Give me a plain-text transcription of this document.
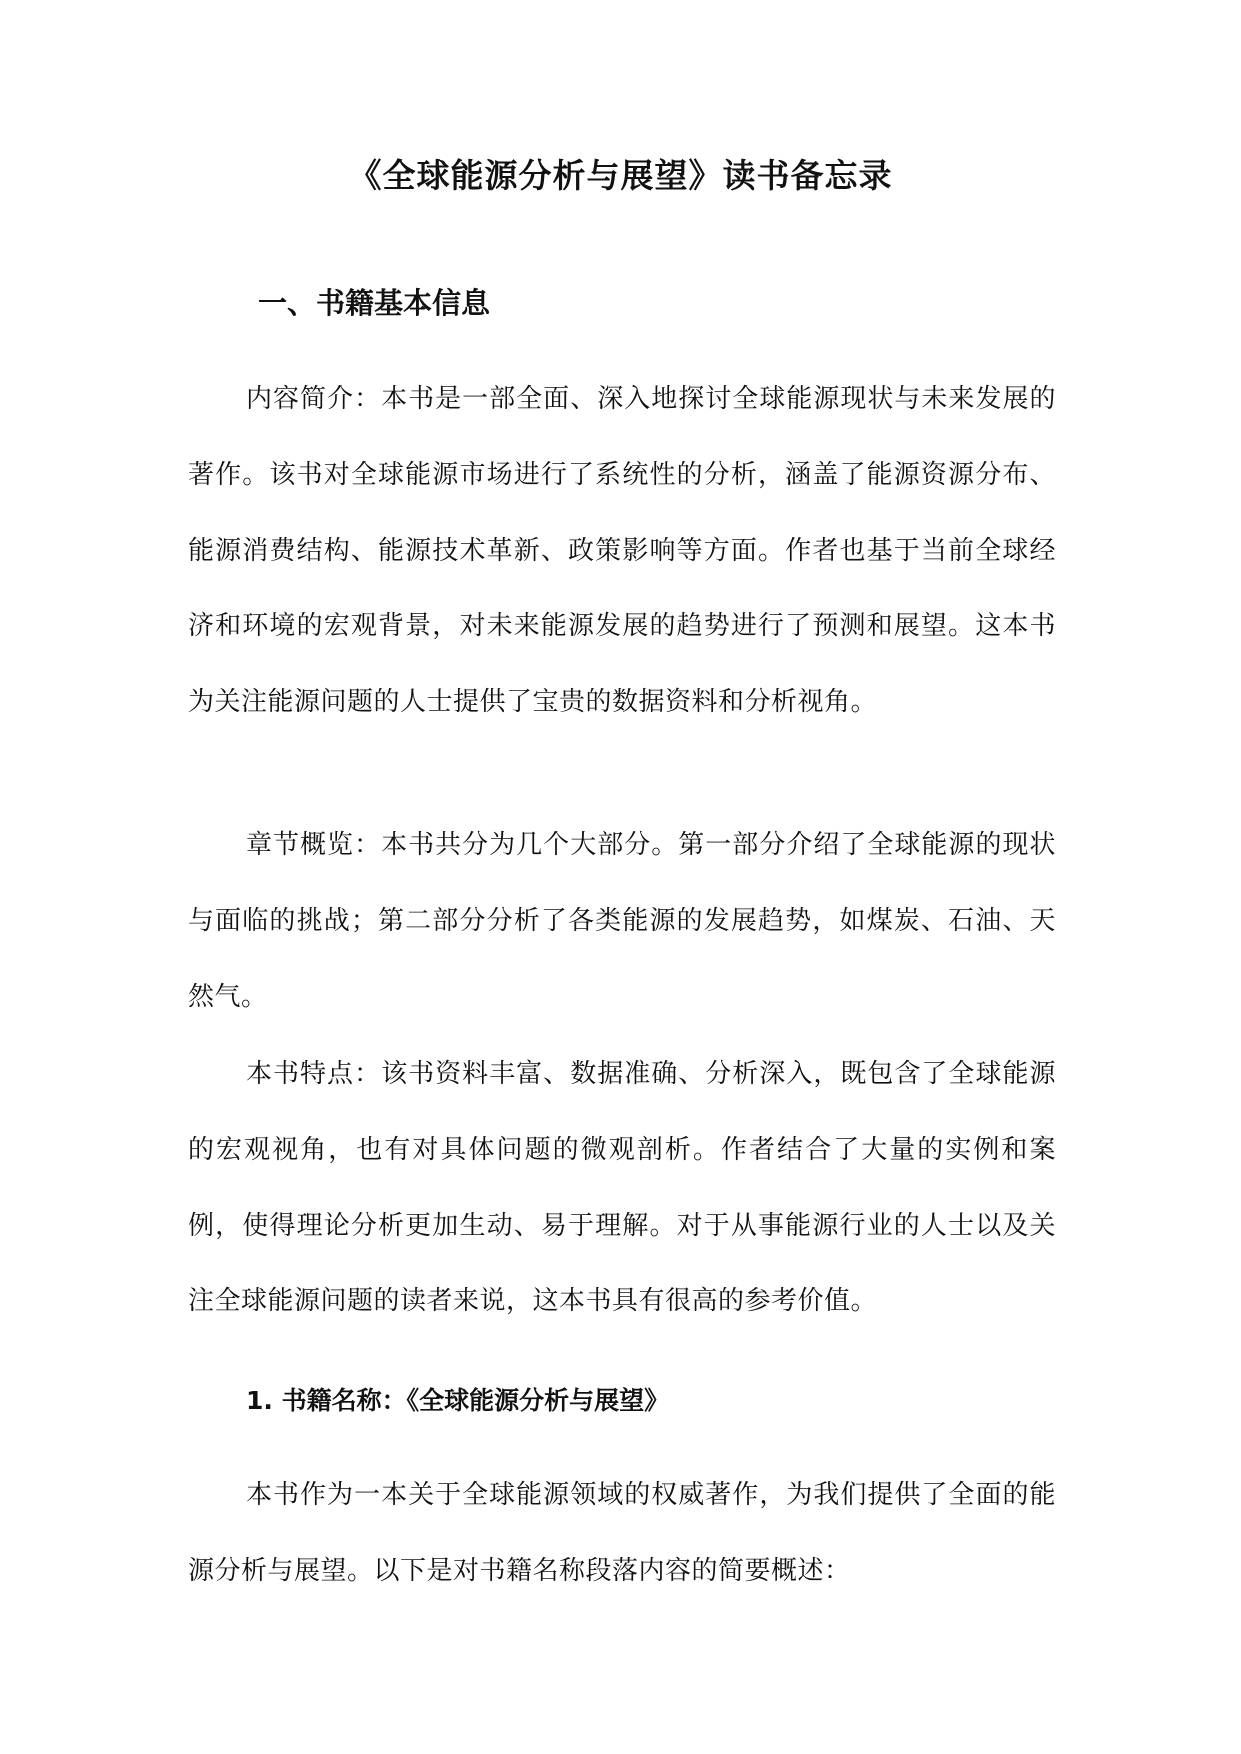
《全球能源分析与展望》读书备忘录
一、书籍基本信息

内容简介：本书是一部全面、深入地探讨全球能源现状与未来发展的著作。该书对全球能源市场进行了系统性的分析，涵盖了能源资源分布、能源消费结构、能源技术革新、政策影响等方面。作者也基于当前全球经济和环境的宏观背景，对未来能源发展的趋势进行了预测和展望。这本书为关注能源问题的人士提供了宝贵的数据资料和分析视角。

章节概览：本书共分为几个大部分。第一部分介绍了全球能源的现状与面临的挑战；第二部分分析了各类能源的发展趋势，如煤炭、石油、天然气。

本书特点：该书资料丰富、数据准确、分析深入，既包含了全球能源的宏观视角，也有对具体问题的微观剖析。作者结合了大量的实例和案例，使得理论分析更加生动、易于理解。对于从事能源行业的人士以及关注全球能源问题的读者来说，这本书具有很高的参考价值。

1. 书籍名称：《全球能源分析与展望》

本书作为一本关于全球能源领域的权威著作，为我们提供了全面的能源分析与展望。以下是对书籍名称段落内容的简要概述：
